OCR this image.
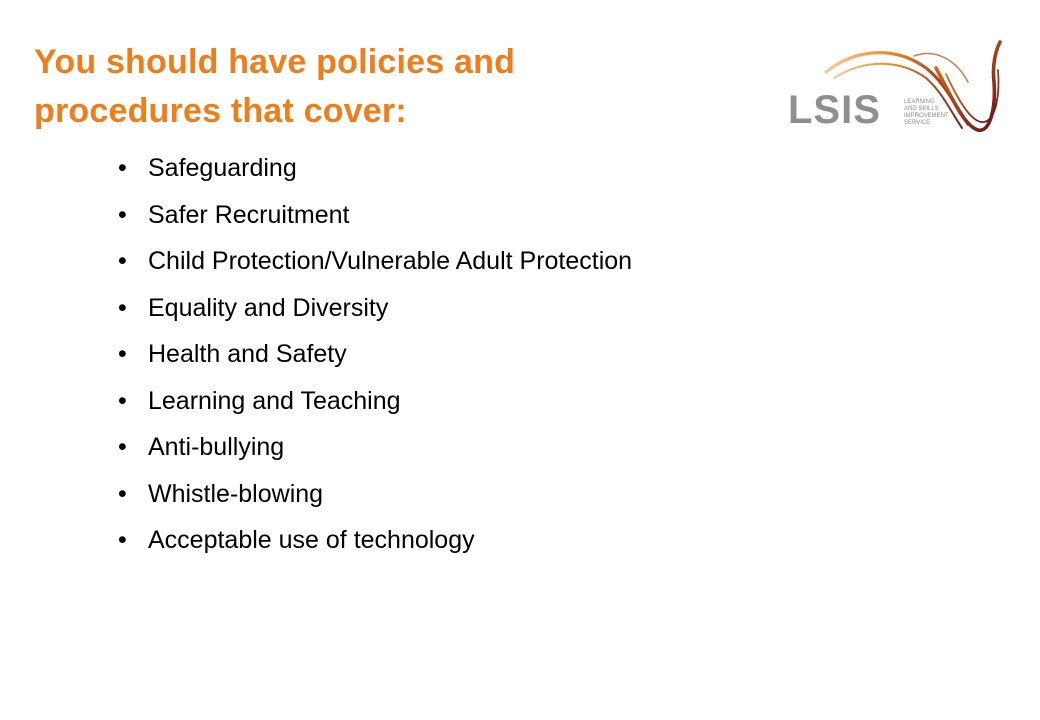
You should have policies and
procedures that cover:
• Safeguarding
• Safer Recruitment
• Child Protection/Vulnerable Adult Protection
• Equality and Diversity
• Health and Safety
• Learning and Teaching
• Anti-bullying
• Whistle-blowing
• Acceptable use of technology
LSIS	LEARNING
AND SKILLS
IMPROVEMENT
SERVICE
